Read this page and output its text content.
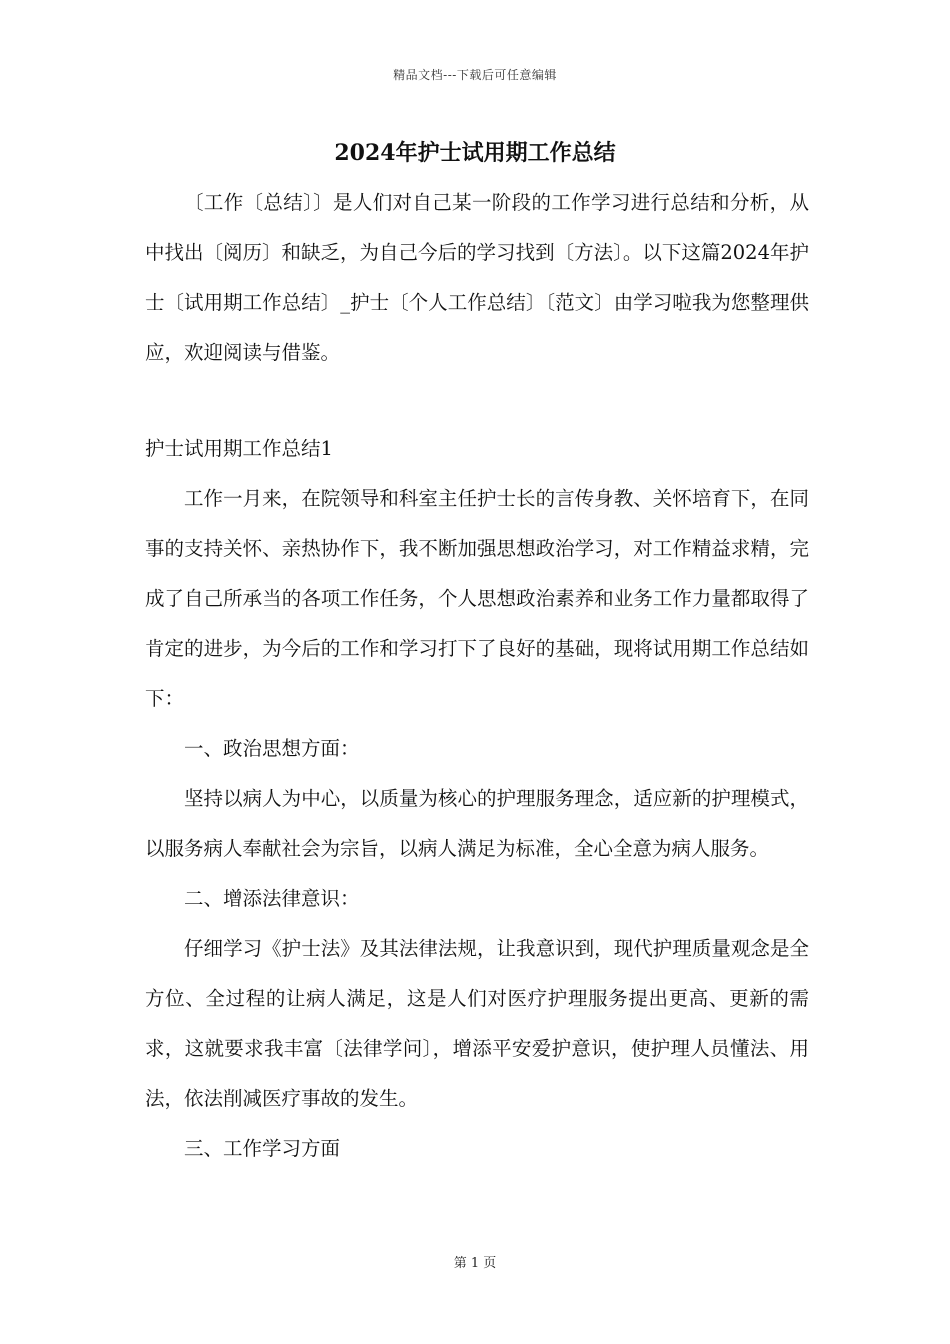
精品文档---下载后可任意编辑
2024年护士试用期工作总结

〔工作〔总结〕〕是人们对自己某一阶段的工作学习进行总结和分析，从中找出〔阅历〕和缺乏，为自己今后的学习找到〔方法〕。以下这篇2024年护士〔试用期工作总结〕_护士〔个人工作总结〕〔范文〕由学习啦我为您整理供应，欢迎阅读与借鉴。

护士试用期工作总结1

工作一月来，在院领导和科室主任护士长的言传身教、关怀培育下，在同事的支持关怀、亲热协作下，我不断加强思想政治学习，对工作精益求精，完成了自己所承当的各项工作任务，个人思想政治素养和业务工作力量都取得了肯定的进步，为今后的工作和学习打下了良好的基础，现将试用期工作总结如下：

一、政治思想方面：

坚持以病人为中心，以质量为核心的护理服务理念，适应新的护理模式，以服务病人奉献社会为宗旨，以病人满足为标准，全心全意为病人服务。

二、增添法律意识：

仔细学习《护士法》及其法律法规，让我意识到，现代护理质量观念是全方位、全过程的让病人满足，这是人们对医疗护理服务提出更高、更新的需求，这就要求我丰富〔法律学问〕，增添平安爱护意识，使护理人员懂法、用法，依法削减医疗事故的发生。

三、工作学习方面

第 1 页
